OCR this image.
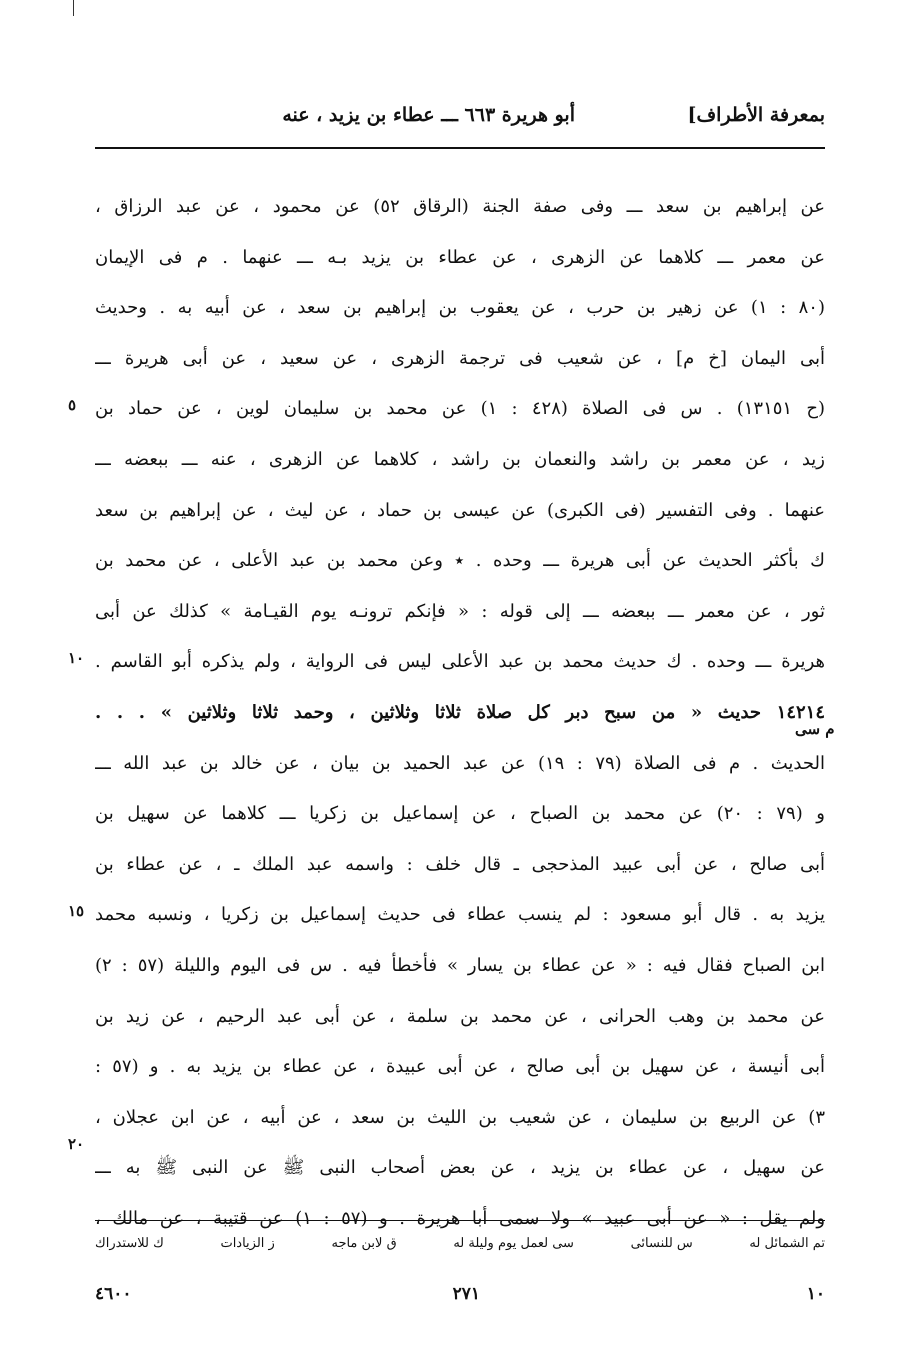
بمعرفة الأطراف]
أبو هريرة ٦٦٣ ـــ عطاء بن يزيد ، عنه
عن إبراهيم بن سعد ـــ وفى صفة الجنة (الرقاق ٥٢) عن محمود ، عن عبد الرزاق ،
عن معمر ـــ كلاهما عن الزهرى ، عن عطاء بن يزيد بـه ـــ عنهما . م فى الإيمان
(٨٠ : ١) عن زهير بن حرب ، عن يعقوب بن إبراهيم بن سعد ، عن أبيه به . وحديث
أبى اليمان [خ م] ، عن شعيب فى ترجمة الزهرى ، عن سعيد ، عن أبى هريرة ـــ
(ح ١٣١٥١) . س فى الصلاة (٤٢٨ : ١) عن محمد بن سليمان لوين ، عن حماد بن
زيد ، عن معمر بن راشد والنعمان بن راشد ، كلاهما عن الزهرى ، عنه ـــ ببعضه ـــ
عنهما . وفى التفسير (فى الكبرى) عن عيسى بن حماد ، عن ليث ، عن إبراهيم بن سعد
ك بأكثر الحديث عن أبى هريرة ـــ وحده . ٭ وعن محمد بن عبد الأعلى ، عن محمد بن
ثور ، عن معمر ـــ ببعضه ـــ إلى قوله : « فإنكم ترونـه يوم القيـامة » كذلك عن أبى
هريرة ـــ وحده . ك حديث محمد بن عبد الأعلى ليس فى الرواية ، ولم يذكره أبو القاسم .
١٤٢١٤ حديث « من سبح دبر كل صلاة ثلاثا وثلاثين ، وحمد ثلاثا وثلاثين » . . .
الحديث . م فى الصلاة (٧٩ : ١٩) عن عبد الحميد بن بيان ، عن خالد بن عبد الله ـــ
و (٧٩ : ٢٠) عن محمد بن الصباح ، عن إسماعيل بن زكريا ـــ كلاهما عن سهيل بن
أبى صالح ، عن أبى عبيد المذحجى ـ قال خلف : واسمه عبد الملك ـ ، عن عطاء بن
يزيد به . قال أبو مسعود : لم ينسب عطاء فى حديث إسماعيل بن زكريا ، ونسبه محمد
ابن الصباح فقال فيه : « عن عطاء بن يسار » فأخطأ فيه . س فى اليوم والليلة (٥٧ : ٢)
عن محمد بن وهب الحرانى ، عن محمد بن سلمة ، عن أبى عبد الرحيم ، عن زيد بن
أبى أنيسة ، عن سهيل بن أبى صالح ، عن أبى عبيدة ، عن عطاء بن يزيد به . و (٥٧ :
٣) عن الربيع بن سليمان ، عن شعيب بن الليث بن سعد ، عن أبيه ، عن ابن عجلان ،
عن سهيل ، عن عطاء بن يزيد ، عن بعض أصحاب النبى ﷺ عن النبى ﷺ به ـــ
ولم يقل : « عن أبى عبيد » ولا سمى أبا هريرة . و (٥٧ : ١) عن قتيبة ، عن مالك ،
٥
١٠
١٥
٢٠
م سى
تم الشمائل له
س للنسائى
سى لعمل يوم وليلة له
ق لابن ماجه
ز الزيادات
ك للاستدراك
١٠
٢٧١
٤٦٠٠
